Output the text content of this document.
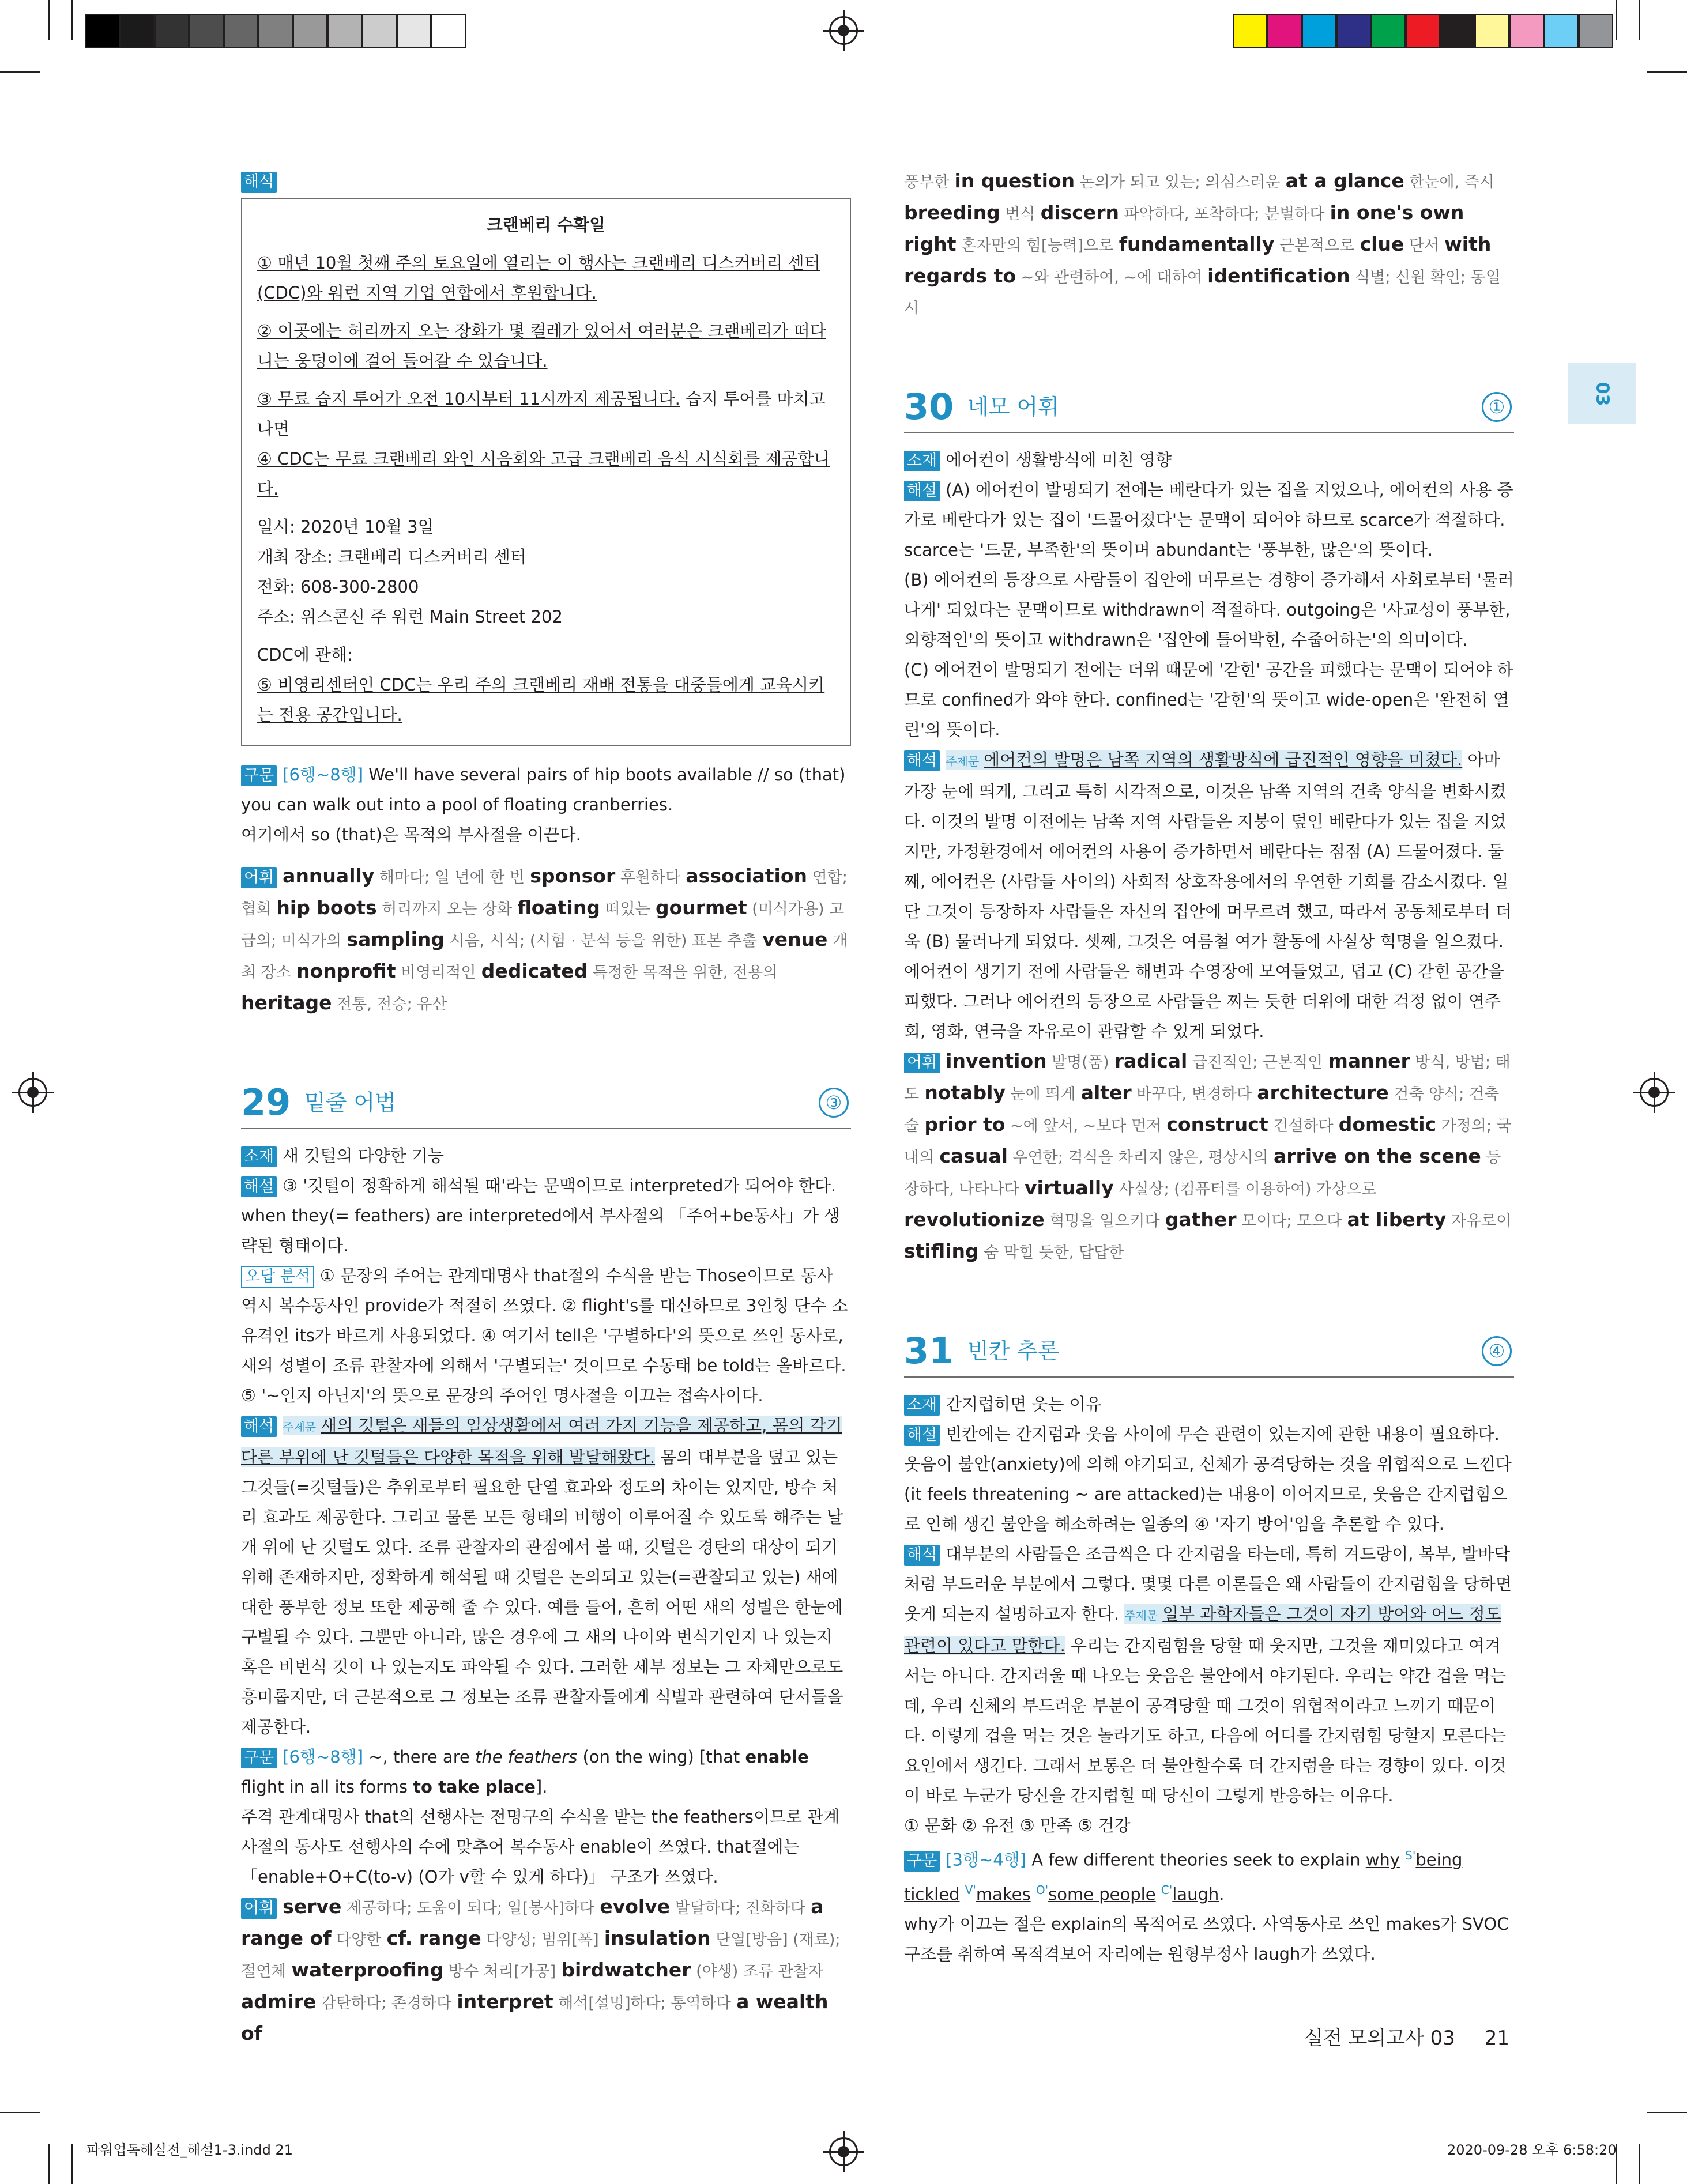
파워업독해실전_해설1-3.indd 21	2020-09-28 오후 6:58:20
03

해석

크랜베리 수확일

① 매년 10월 첫째 주의 토요일에 열리는 이 행사는 크랜베리 디스커버리 센터(CDC)와 워런 지역 기업 연합에서 후원합니다.

② 이곳에는 허리까지 오는 장화가 몇 켤레가 있어서 여러분은 크랜베리가 떠다니는 웅덩이에 걸어 들어갈 수 있습니다.

③ 무료 습지 투어가 오전 10시부터 11시까지 제공됩니다. 습지 투어를 마치고나면

④ CDC는 무료 크랜베리 와인 시음회와 고급 크랜베리 음식 시식회를 제공합니다.

일시: 2020년 10월 3일

개최 장소: 크랜베리 디스커버리 센터

전화: 608-300-2800

주소: 위스콘신 주 워런 Main Street 202

CDC에 관해:

⑤ 비영리센터인 CDC는 우리 주의 크랜베리 재배 전통을 대중들에게 교육시키는 전용 공간입니다.

구문 [6행~8행] We'll have several pairs of hip boots available // so (that) you can walk out into a pool of floating cranberries.

여기에서 so (that)은 목적의 부사절을 이끈다.

어휘 annually 해마다; 일 년에 한 번 sponsor 후원하다 association 연합; 협회 hip boots 허리까지 오는 장화 floating 떠있는 gourmet (미식가용) 고급의; 미식가의 sampling 시음, 시식; (시험 · 분석 등을 위한) 표본 추출 venue 개최 장소 nonprofit 비영리적인 dedicated 특정한 목적을 위한, 전용의 heritage 전통, 전승; 유산

29 밑줄 어법	③

소재 새 깃털의 다양한 기능

해설 ③ '깃털이 정확하게 해석될 때'라는 문맥이므로 interpreted가 되어야 한다. when they(= feathers) are interpreted에서 부사절의 「주어+be동사」가 생략된 형태이다.

오답 분석 ① 문장의 주어는 관계대명사 that절의 수식을 받는 Those이므로 동사 역시 복수동사인 provide가 적절히 쓰였다. ② flight's를 대신하므로 3인칭 단수 소유격인 its가 바르게 사용되었다. ④ 여기서 tell은 '구별하다'의 뜻으로 쓰인 동사로, 새의 성별이 조류 관찰자에 의해서 '구별되는' 것이므로 수동태 be told는 올바르다. ⑤ '~인지 아닌지'의 뜻으로 문장의 주어인 명사절을 이끄는 접속사이다.

해석 주제문 새의 깃털은 새들의 일상생활에서 여러 가지 기능을 제공하고, 몸의 각기 다른 부위에 난 깃털들은 다양한 목적을 위해 발달해왔다. 몸의 대부분을 덮고 있는 그것들(=깃털들)은 추위로부터 필요한 단열 효과와 정도의 차이는 있지만, 방수 처리 효과도 제공한다. 그리고 물론 모든 형태의 비행이 이루어질 수 있도록 해주는 날개 위에 난 깃털도 있다. 조류 관찰자의 관점에서 볼 때, 깃털은 경탄의 대상이 되기 위해 존재하지만, 정확하게 해석될 때 깃털은 논의되고 있는(=관찰되고 있는) 새에 대한 풍부한 정보 또한 제공해 줄 수 있다. 예를 들어, 흔히 어떤 새의 성별은 한눈에 구별될 수 있다. 그뿐만 아니라, 많은 경우에 그 새의 나이와 번식기인지 나 있는지 혹은 비번식 깃이 나 있는지도 파악될 수 있다. 그러한 세부 정보는 그 자체만으로도 흥미롭지만, 더 근본적으로 그 정보는 조류 관찰자들에게 식별과 관련하여 단서들을 제공한다.

구문 [6행~8행] ~, there are the feathers (on the wing) [that enable flight in all its forms to take place].

주격 관계대명사 that의 선행사는 전명구의 수식을 받는 the feathers이므로 관계사절의 동사도 선행사의 수에 맞추어 복수동사 enable이 쓰였다. that절에는 「enable+O+C(to-v) (O가 v할 수 있게 하다)」 구조가 쓰였다.

어휘 serve 제공하다; 도움이 되다; 일[봉사]하다 evolve 발달하다; 진화하다 a range of 다양한 cf. range 다양성; 범위[폭] insulation 단열[방음] (재료); 절연체 waterproofing 방수 처리[가공] birdwatcher (야생) 조류 관찰자 admire 감탄하다; 존경하다 interpret 해석[설명]하다; 통역하다 a wealth of

풍부한 in question 논의가 되고 있는; 의심스러운 at a glance 한눈에, 즉시 breeding 번식 discern 파악하다, 포착하다; 분별하다 in one's own right 혼자만의 힘[능력]으로 fundamentally 근본적으로 clue 단서 with regards to ~와 관련하여, ~에 대하여 identification 식별; 신원 확인; 동일시

30 네모 어휘	①

소재 에어컨이 생활방식에 미친 영향

해설 (A) 에어컨이 발명되기 전에는 베란다가 있는 집을 지었으나, 에어컨의 사용 증가로 베란다가 있는 집이 '드물어졌다'는 문맥이 되어야 하므로 scarce가 적절하다. scarce는 '드문, 부족한'의 뜻이며 abundant는 '풍부한, 많은'의 뜻이다.

(B) 에어컨의 등장으로 사람들이 집안에 머무르는 경향이 증가해서 사회로부터 '물러나게' 되었다는 문맥이므로 withdrawn이 적절하다. outgoing은 '사교성이 풍부한, 외향적인'의 뜻이고 withdrawn은 '집안에 틀어박힌, 수줍어하는'의 의미이다.

(C) 에어컨이 발명되기 전에는 더위 때문에 '갇힌' 공간을 피했다는 문맥이 되어야 하므로 confined가 와야 한다. confined는 '갇힌'의 뜻이고 wide-open은 '완전히 열린'의 뜻이다.

해석 주제문 에어컨의 발명은 남쪽 지역의 생활방식에 급진적인 영향을 미쳤다. 아마 가장 눈에 띄게, 그리고 특히 시각적으로, 이것은 남쪽 지역의 건축 양식을 변화시켰다. 이것의 발명 이전에는 남쪽 지역 사람들은 지붕이 덮인 베란다가 있는 집을 지었지만, 가정환경에서 에어컨의 사용이 증가하면서 베란다는 점점 (A) 드물어졌다. 둘째, 에어컨은 (사람들 사이의) 사회적 상호작용에서의 우연한 기회를 감소시켰다. 일단 그것이 등장하자 사람들은 자신의 집안에 머무르려 했고, 따라서 공동체로부터 더욱 (B) 물러나게 되었다. 셋째, 그것은 여름철 여가 활동에 사실상 혁명을 일으켰다. 에어컨이 생기기 전에 사람들은 해변과 수영장에 모여들었고, 덥고 (C) 갇힌 공간을 피했다. 그러나 에어컨의 등장으로 사람들은 찌는 듯한 더위에 대한 걱정 없이 연주회, 영화, 연극을 자유로이 관람할 수 있게 되었다.

어휘 invention 발명(품) radical 급진적인; 근본적인 manner 방식, 방법; 태도 notably 눈에 띄게 alter 바꾸다, 변경하다 architecture 건축 양식; 건축술 prior to ~에 앞서, ~보다 먼저 construct 건설하다 domestic 가정의; 국내의 casual 우연한; 격식을 차리지 않은, 평상시의 arrive on the scene 등장하다, 나타나다 virtually 사실상; (컴퓨터를 이용하여) 가상으로 revolutionize 혁명을 일으키다 gather 모이다; 모으다 at liberty 자유로이 stifling 숨 막힐 듯한, 답답한

31 빈칸 추론	④

소재 간지럽히면 웃는 이유

해설 빈칸에는 간지럼과 웃음 사이에 무슨 관련이 있는지에 관한 내용이 필요하다. 웃음이 불안(anxiety)에 의해 야기되고, 신체가 공격당하는 것을 위협적으로 느낀다(it feels threatening ~ are attacked)는 내용이 이어지므로, 웃음은 간지럽힘으로 인해 생긴 불안을 해소하려는 일종의 ④ '자기 방어'임을 추론할 수 있다.

해석 대부분의 사람들은 조금씩은 다 간지럼을 타는데, 특히 겨드랑이, 복부, 발바닥처럼 부드러운 부분에서 그렇다. 몇몇 다른 이론들은 왜 사람들이 간지럼힘을 당하면 웃게 되는지 설명하고자 한다. 주제문 일부 과학자들은 그것이 자기 방어와 어느 정도 관련이 있다고 말한다. 우리는 간지럼힘을 당할 때 웃지만, 그것을 재미있다고 여겨서는 아니다. 간지러울 때 나오는 웃음은 불안에서 야기된다. 우리는 약간 겁을 먹는데, 우리 신체의 부드러운 부분이 공격당할 때 그것이 위협적이라고 느끼기 때문이다. 이렇게 겁을 먹는 것은 놀라기도 하고, 다음에 어디를 간지럼힘 당할지 모른다는 요인에서 생긴다. 그래서 보통은 더 불안할수록 더 간지럼을 타는 경향이 있다. 이것이 바로 누군가 당신을 간지럽힐 때 당신이 그렇게 반응하는 이유다.

① 문화 ② 유전 ③ 만족 ⑤ 건강

구문 [3행~4행] A few different theories seek to explain why $^{S'}$being tickled $^{V'}$makes $^{O'}$some people $^{C'}$laugh.

why가 이끄는 절은 explain의 목적어로 쓰였다. 사역동사로 쓰인 makes가 SVOC 구조를 취하여 목적격보어 자리에는 원형부정사 laugh가 쓰였다.

실전 모의고사 03 21
